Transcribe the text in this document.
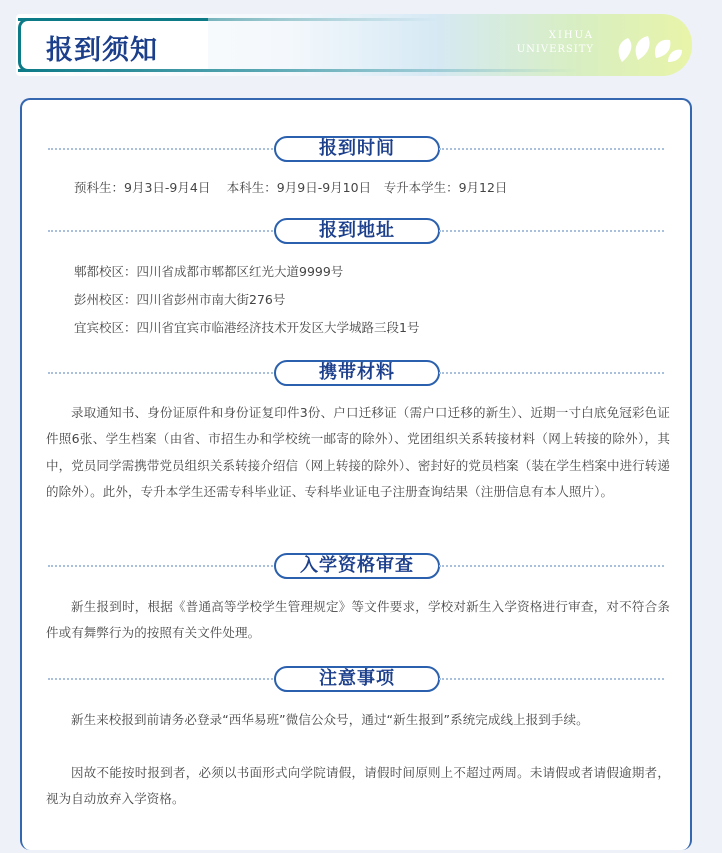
报到须知	XIHUA
UNIVERSITY
报到时间
预科生：9月3日-9月4日　 本科生：9月9日-9月10日　专升本学生：9月12日
报到地址
郫都校区：四川省成都市郫都区红光大道9999号
彭州校区：四川省彭州市南大街276号
宜宾校区：四川省宜宾市临港经济技术开发区大学城路三段1号
携带材料
录取通知书、身份证原件和身份证复印件3份、户口迁移证（需户口迁移的新生）、近期一寸白底免冠彩色证件照6张、学生档案（由省、市招生办和学校统一邮寄的除外）、党团组织关系转接材料（网上转接的除外），其中，党员同学需携带党员组织关系转接介绍信（网上转接的除外）、密封好的党员档案（装在学生档案中进行转递的除外）。此外，专升本学生还需专科毕业证、专科毕业证电子注册查询结果（注册信息有本人照片）。
入学资格审查
新生报到时，根据《普通高等学校学生管理规定》等文件要求，学校对新生入学资格进行审查，对不符合条件或有舞弊行为的按照有关文件处理。
注意事项
新生来校报到前请务必登录“西华易班”微信公众号，通过“新生报到”系统完成线上报到手续。
因故不能按时报到者，必须以书面形式向学院请假，请假时间原则上不超过两周。未请假或者请假逾期者，视为自动放弃入学资格。
